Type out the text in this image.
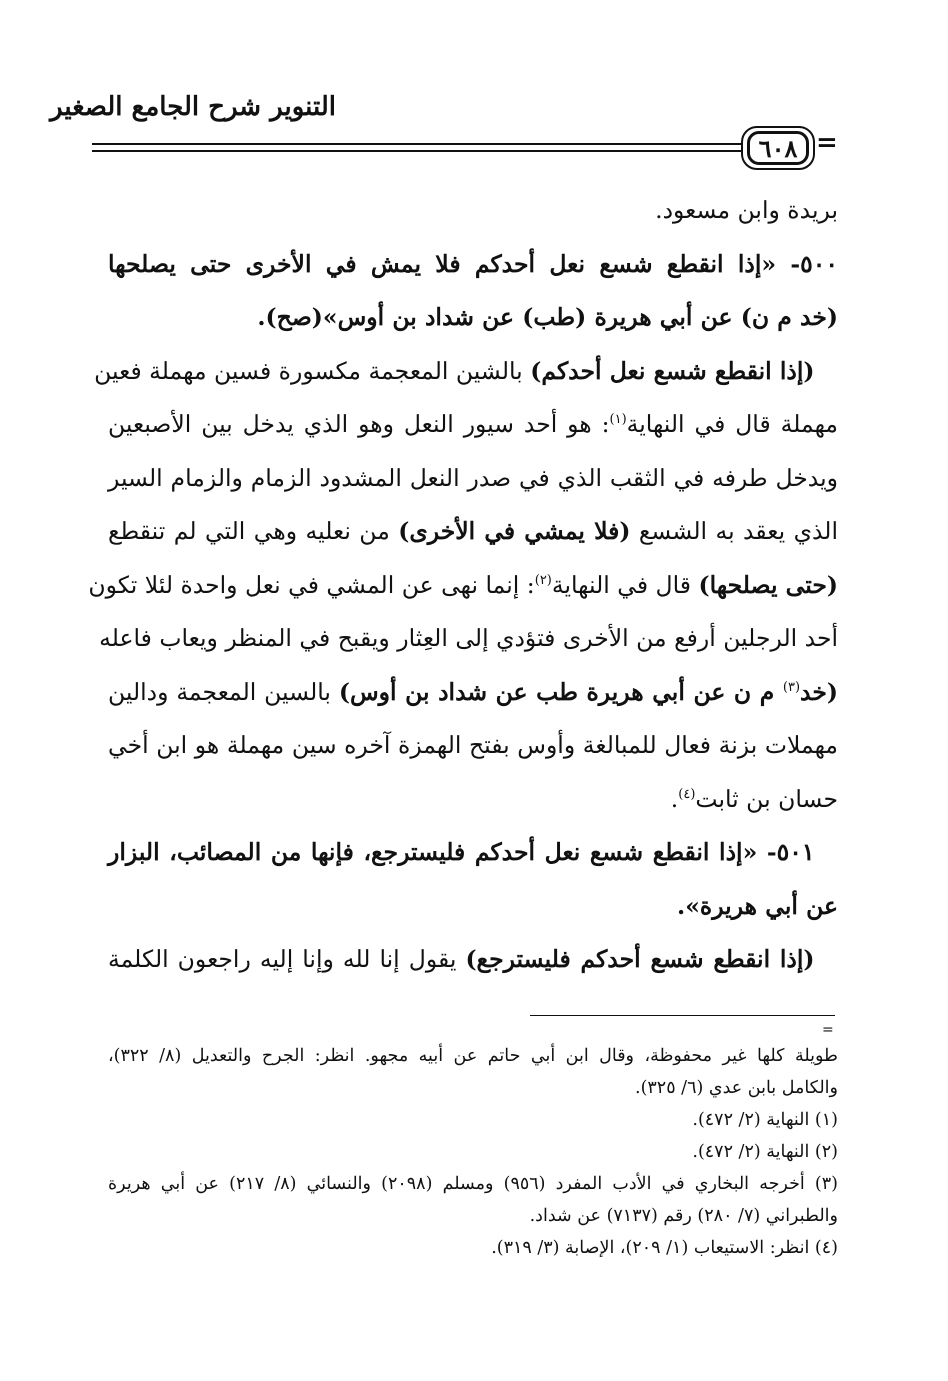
التنوير شرح الجامع الصغير
٦٠٨ =
بريدة وابن مسعود.
٥٠٠- «إذا انقطع شسع نعل أحدكم فلا يمش في الأخرى حتى يصلحها
(خد م ن) عن أبي هريرة (طب) عن شداد بن أوس»(صح).
 (إذا انقطع شسع نعل أحدكم) بالشين المعجمة مكسورة فسين مهملة فعين
مهملة قال في النهاية$^{(١)}$: هو أحد سيور النعل وهو الذي يدخل بين الأصبعين
ويدخل طرفه في الثقب الذي في صدر النعل المشدود الزمام والزمام السير
الذي يعقد به الشسع (فلا يمشي في الأخرى) من نعليه وهي التي لم تنقطع
(حتى يصلحها) قال في النهاية$^{(٢)}$: إنما نهى عن المشي في نعل واحدة لئلا تكون
أحد الرجلين أرفع من الأخرى فتؤدي إلى العِثار ويقبح في المنظر ويعاب فاعله
(خد$^{(٣)}$ م ن عن أبي هريرة طب عن شداد بن أوس) بالسين المعجمة ودالين
مهملات بزنة فعال للمبالغة وأوس بفتح الهمزة آخره سين مهملة هو ابن أخي
حسان بن ثابت$^{(٤)}$.
 ٥٠١- «إذا انقطع شسع نعل أحدكم فليسترجع، فإنها من المصائب، البزار
عن أبي هريرة».
 (إذا انقطع شسع أحدكم فليسترجع) يقول إنا لله وإنا إليه راجعون الكلمة
=
طويلة كلها غير محفوظة، وقال ابن أبي حاتم عن أبيه مجهو. انظر: الجرح والتعديل (٨/ ٣٢٢)،
والكامل بابن عدي (٦/ ٣٢٥).
(١) النهاية (٢/ ٤٧٢).
(٢) النهاية (٢/ ٤٧٢).
(٣) أخرجه البخاري في الأدب المفرد (٩٥٦) ومسلم (٢٠٩٨) والنسائي (٨/ ٢١٧) عن أبي هريرة
والطبراني (٧/ ٢٨٠) رقم (٧١٣٧) عن شداد.
(٤) انظر: الاستيعاب (١/ ٢٠٩)، الإصابة (٣/ ٣١٩).
